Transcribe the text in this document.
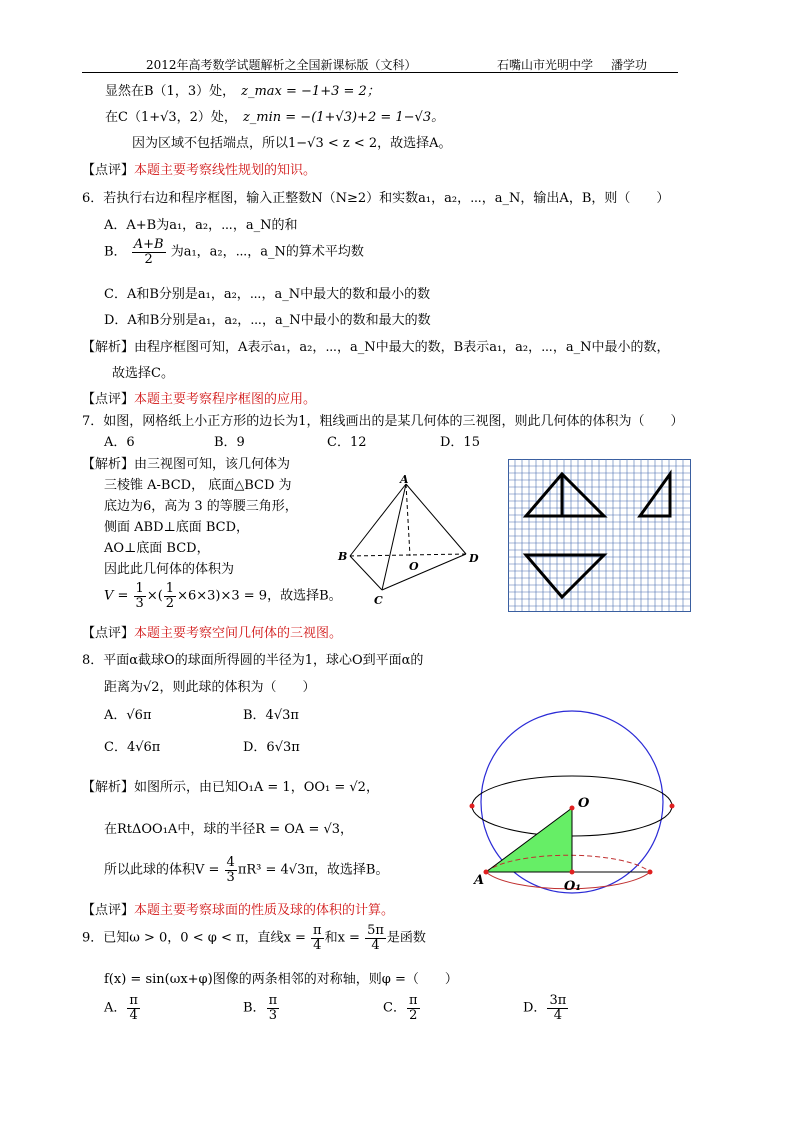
2012年高考数学试题解析之全国新课标版（文科）	石嘴山市光明中学 潘学功
显然在B（1，3）处， z_max = −1+3 = 2；
在C（1+√3，2）处， z_min = −(1+√3)+2 = 1−√3。
因为区域不包括端点，所以1−√3 < z < 2，故选择A。
【点评】本题主要考察线性规划的知识。
6．若执行右边和程序框图，输入正整数N（N≥2）和实数a₁，a₂，⋯，a_N，输出A，B，则（　　）
A．A+B为a₁，a₂，⋯，a_N的和
B． $\frac{A+B}{2}$ 为a₁，a₂，⋯，a_N的算术平均数
C．A和B分别是a₁，a₂，⋯，a_N中最大的数和最小的数
D．A和B分别是a₁，a₂，⋯，a_N中最小的数和最大的数
【解析】由程序框图可知，A表示a₁，a₂，⋯，a_N中最大的数，B表示a₁，a₂，⋯，a_N中最小的数，
故选择C。
【点评】本题主要考察程序框图的应用。
7．如图，网格纸上小正方形的边长为1，粗线画出的是某几何体的三视图，则此几何体的体积为（　　）
A．6	B．9	C．12	D．15
【解析】由三视图可知，该几何体为
三棱锥 A-BCD， 底面△BCD 为
底边为6，高为 3 的等腰三角形，
侧面 ABD⊥底面 BCD，
AO⊥底面 BCD，
因此此几何体的体积为
$V = \frac{1}{3}$ ×( $\frac{1}{2} \times 6\times 3)\times 3 = 9$，故选择B。
A
B
C
D
O
【点评】本题主要考察空间几何体的三视图。
8．平面α截球O的球面所得圆的半径为1，球心O到平面α的
距离为√2，则此球的体积为（　　）
A．√6π	B．4√3π
C．4√6π	D．6√3π
【解析】如图所示，由已知O₁A = 1，OO₁ = √2，
在RtΔOO₁A中，球的半径R = OA = √3，
所以此球的体积$V = \frac{4}{3} \pi R^3 = 4√3\pi$，故选择B。
O
A	O₁
【点评】本题主要考察球面的性质及球的体积的计算。
9．已知ω > 0，0 < φ < π，直线$x = \frac{\pi}{4}$ 和$x = \frac{5\pi}{4}$ 是函数
f(x) = sin(ωx+φ)图像的两条相邻的对称轴，则φ =（　　）
A． $\frac{\pi}{4}$	B． $\frac{\pi}{3}$	C． $\frac{\pi}{2}$	D． $\frac{3\pi}{4}$
